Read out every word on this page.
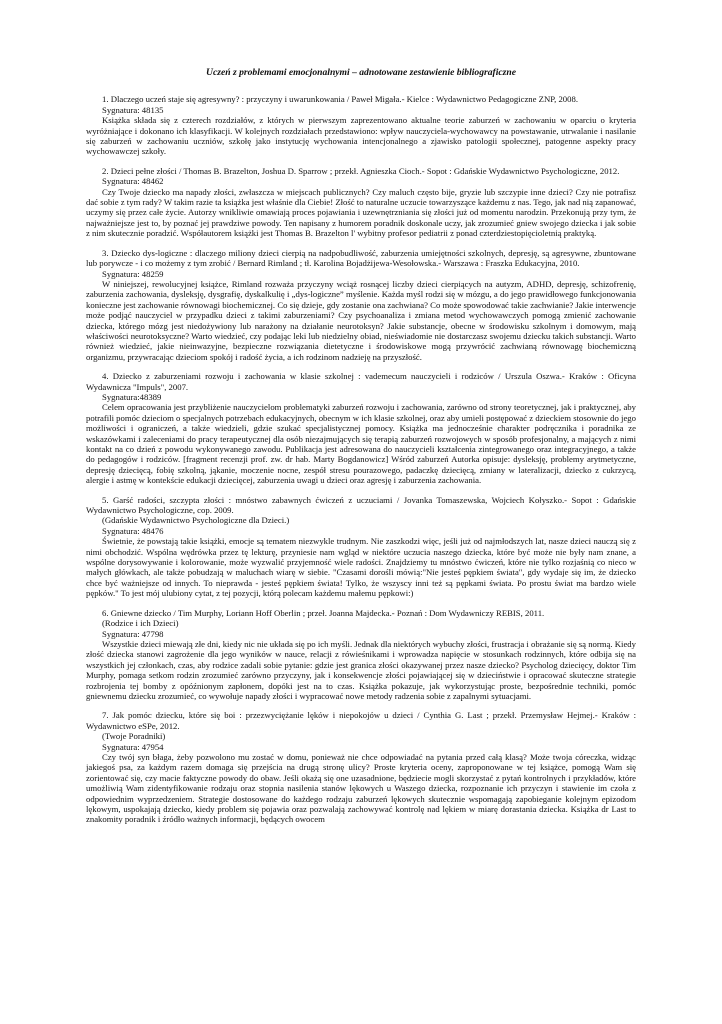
Uczeń z problemami emocjonalnymi – adnotowane zestawienie bibliograficzne

1. Dlaczego uczeń staje się agresywny? : przyczyny i uwarunkowania / Paweł Migała.- Kielce : Wydawnictwo Pedagogiczne ZNP, 2008.

Sygnatura: 48135

Książka składa się z czterech rozdziałów, z których w pierwszym zaprezentowano aktualne teorie zaburzeń w zachowaniu w oparciu o kryteria wyróżniające i dokonano ich klasyfikacji. W kolejnych rozdziałach przedstawiono: wpływ nauczyciela-wychowawcy na powstawanie, utrwalanie i nasilanie się zaburzeń w zachowaniu uczniów, szkołę jako instytucję wychowania intencjonalnego a zjawisko patologii społecznej, patogenne aspekty pracy wychowawczej szkoły.

2. Dzieci pełne złości / Thomas B. Brazelton, Joshua D. Sparrow ; przekł. Agnieszka Cioch.- Sopot : Gdańskie Wydawnictwo Psychologiczne, 2012.

Sygnatura: 48462

Czy Twoje dziecko ma napady złości, zwłaszcza w miejscach publicznych? Czy maluch często bije, gryzie lub szczypie inne dzieci? Czy nie potrafisz dać sobie z tym rady? W takim razie ta książka jest właśnie dla Ciebie! Złość to naturalne uczucie towarzyszące każdemu z nas. Tego, jak nad nią zapanować, uczymy się przez całe życie. Autorzy wnikliwie omawiają proces pojawiania i uzewnętrzniania się złości już od momentu narodzin. Przekonują przy tym, że najważniejsze jest to, by poznać jej prawdziwe powody. Ten napisany z humorem poradnik doskonale uczy, jak zrozumieć gniew swojego dziecka i jak sobie z nim skutecznie poradzić. Współautorem książki jest Thomas B. Brazelton l' wybitny profesor pediatrii z ponad czterdziestopięcioletnią praktyką.

3. Dziecko dys-logiczne : dlaczego miliony dzieci cierpią na nadpobudliwość, zaburzenia umiejętności szkolnych, depresję, są agresywne, zbuntowane lub porywcze - i co możemy z tym zrobić / Bernard Rimland ; tł. Karolina Bojadżijewa-Wesołowska.- Warszawa : Fraszka Edukacyjna, 2010.

Sygnatura: 48259

W niniejszej, rewolucyjnej książce, Rimland rozważa przyczyny wciąż rosnącej liczby dzieci cierpiących na autyzm, ADHD, depresję, schizofrenię, zaburzenia zachowania, dysleksję, dysgrafię, dyskalkulię i „dys-logiczne” myślenie. Każda myśl rodzi się w mózgu, a do jego prawidłowego funkcjonowania konieczne jest zachowanie równowagi biochemicznej. Co się dzieje, gdy zostanie ona zachwiana? Co może spowodować takie zachwianie? Jakie interwencje może podjąć nauczyciel w przypadku dzieci z takimi zaburzeniami? Czy psychoanaliza i zmiana metod wychowawczych pomogą zmienić zachowanie dziecka, którego mózg jest niedożywiony lub narażony na działanie neurotoksyn? Jakie substancje, obecne w środowisku szkolnym i domowym, mają właściwości neurotoksyczne? Warto wiedzieć, czy podając leki lub niedzielny obiad, nieświadomie nie dostarczasz swojemu dziecku takich substancji. Warto również wiedzieć, jakie nieinwazyjne, bezpieczne rozwiązania dietetyczne i środowiskowe mogą przywrócić zachwianą równowagę biochemiczną organizmu, przywracając dzieciom spokój i radość życia, a ich rodzinom nadzieję na przyszłość.

4. Dziecko z zaburzeniami rozwoju i zachowania w klasie szkolnej : vademecum nauczycieli i rodziców / Urszula Oszwa.- Kraków : Oficyna Wydawnicza "Impuls", 2007.

Sygnatura:48389

Celem opracowania jest przybliżenie nauczycielom problematyki zaburzeń rozwoju i zachowania, zarówno od strony teoretycznej, jak i praktycznej, aby potrafili pomóc dzieciom o specjalnych potrzebach edukacyjnych, obecnym w ich klasie szkolnej, oraz aby umieli postępować z dzieckiem stosownie do jego możliwości i ograniczeń, a także wiedzieli, gdzie szukać specjalistycznej pomocy. Książka ma jednocześnie charakter podręcznika i poradnika ze wskazówkami i zaleceniami do pracy terapeutycznej dla osób niezajmujących się terapią zaburzeń rozwojowych w sposób profesjonalny, a mających z nimi kontakt na co dzień z powodu wykonywanego zawodu. Publikacja jest adresowana do nauczycieli kształcenia zintegrowanego oraz integracyjnego, a także do pedagogów i rodziców. [fragment recenzji prof. zw. dr hab. Marty Bogdanowicz] Wśród zaburzeń Autorka opisuje: dysleksję, problemy arytmetyczne, depresję dziecięcą, fobię szkolną, jąkanie, moczenie nocne, zespół stresu pourazowego, padaczkę dziecięcą, zmiany w lateralizacji, dziecko z cukrzycą, alergie i astmę w kontekście edukacji dziecięcej, zaburzenia uwagi u dzieci oraz agresję i zaburzenia zachowania.

5. Garść radości, szczypta złości : mnóstwo zabawnych ćwiczeń z uczuciami / Jovanka Tomaszewska, Wojciech Kołyszko.- Sopot : Gdańskie Wydawnictwo Psychologiczne, cop. 2009.

(Gdańskie Wydawnictwo Psychologiczne dla Dzieci.)

Sygnatura: 48476

Świetnie, że powstają takie książki, emocje są tematem niezwykle trudnym. Nie zaszkodzi więc, jeśli już od najmłodszych lat, nasze dzieci nauczą się z nimi obchodzić. Wspólna wędrówka przez tę lekturę, przyniesie nam wgląd w niektóre uczucia naszego dziecka, które być może nie były nam znane, a wspólne dorysowywanie i kolorowanie, może wyzwalić przyjemność wiele radości. Znajdziemy tu mnóstwo ćwiczeń, które nie tylko rozjaśnią co nieco w małych główkach, ale także pobudzają w maluchach wiarę w siebie. "Czasami dorośli mówią:"Nie jesteś pępkiem świata", gdy wydaje się im, że dziecko chce być ważniejsze od innych. To nieprawda - jesteś pępkiem świata! Tylko, że wszyscy inni też są pępkami świata. Po prostu świat ma bardzo wiele pępków." To jest mój ulubiony cytat, z tej pozycji, którą polecam każdemu małemu pępkowi:)

6. Gniewne dziecko / Tim Murphy, Loriann Hoff Oberlin ; przeł. Joanna Majdecka.- Poznań : Dom Wydawniczy REBIS, 2011.

(Rodzice i ich Dzieci)

Sygnatura: 47798

Wszystkie dzieci miewają złe dni, kiedy nic nie układa się po ich myśli. Jednak dla niektórych wybuchy złości, frustracja i obrażanie się są normą. Kiedy złość dziecka stanowi zagrożenie dla jego wyników w nauce, relacji z rówieśnikami i wprowadza napięcie w stosunkach rodzinnych, które odbija się na wszystkich jej członkach, czas, aby rodzice zadali sobie pytanie: gdzie jest granica złości okazywanej przez nasze dziecko? Psycholog dziecięcy, doktor Tim Murphy, pomaga setkom rodzin zrozumieć zarówno przyczyny, jak i konsekwencje złości pojawiającej się w dzieciństwie i opracować skuteczne strategie rozbrojenia tej bomby z opóźnionym zapłonem, dopóki jest na to czas. Książka pokazuje, jak wykorzystując proste, bezpośrednie techniki, pomóc gniewnemu dziecku zrozumieć, co wywołuje napady złości i wypracować nowe metody radzenia sobie z zapalnymi sytuacjami.

7. Jak pomóc dziecku, które się boi : przezwyciężanie lęków i niepokojów u dzieci / Cynthia G. Last ; przekł. Przemysław Hejmej.- Kraków : Wydawnictwo eSPe, 2012.

(Twoje Poradniki)

Sygnatura: 47954

Czy twój syn błaga, żeby pozwolono mu zostać w domu, ponieważ nie chce odpowiadać na pytania przed całą klasą? Może twoja córeczka, widząc jakiegoś psa, za każdym razem domaga się przejścia na drugą stronę ulicy? Proste kryteria oceny, zaproponowane w tej książce, pomogą Wam się zorientować się, czy macie faktyczne powody do obaw. Jeśli okażą się one uzasadnione, będziecie mogli skorzystać z pytań kontrolnych i przykładów, które umożliwią Wam zidentyfikowanie rodzaju oraz stopnia nasilenia stanów lękowych u Waszego dziecka, rozpoznanie ich przyczyn i stawienie im czoła z odpowiednim wyprzedzeniem. Strategie dostosowane do każdego rodzaju zaburzeń lękowych skutecznie wspomagają zapobieganie kolejnym epizodom lękowym, uspokajają dziecko, kiedy problem się pojawia oraz pozwalają zachowywać kontrolę nad lękiem w miarę dorastania dziecka. Książka dr Last to znakomity poradnik i źródło ważnych informacji, będących owocem
